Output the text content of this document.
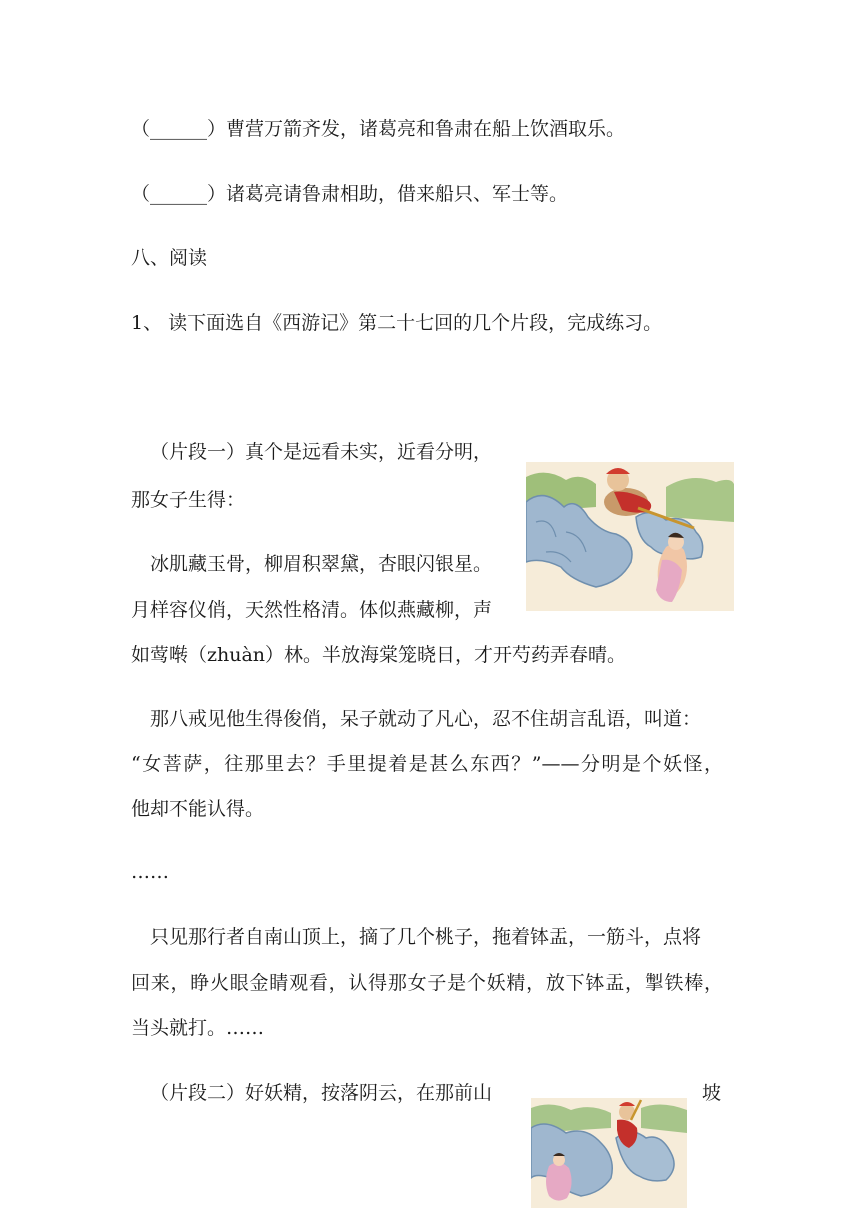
（______）曹营万箭齐发，诸葛亮和鲁肃在船上饮酒取乐。
（______）诸葛亮请鲁肃相助，借来船只、军士等。
八、阅读
1、 读下面选自《西游记》第二十七回的几个片段，完成练习。
（片段一）真个是远看未实，近看分明，
那女子生得：
冰肌藏玉骨，柳眉积翠黛，杏眼闪银星。
月样容仪俏，天然性格清。体似燕藏柳，声
如莺啭（zhuàn）林。半放海棠笼晓日，才开芍药弄春晴。
那八戒见他生得俊俏，呆子就动了凡心，忍不住胡言乱语，叫道：
“女菩萨，往那里去？手里提着是甚么东西？”——分明是个妖怪，
他却不能认得。
……
只见那行者自南山顶上，摘了几个桃子，拖着钵盂，一筋斗，点将
回来，睁火眼金睛观看，认得那女子是个妖精，放下钵盂，掣铁棒，
当头就打。……
（片段二）好妖精，按落阴云，在那前山	坡
